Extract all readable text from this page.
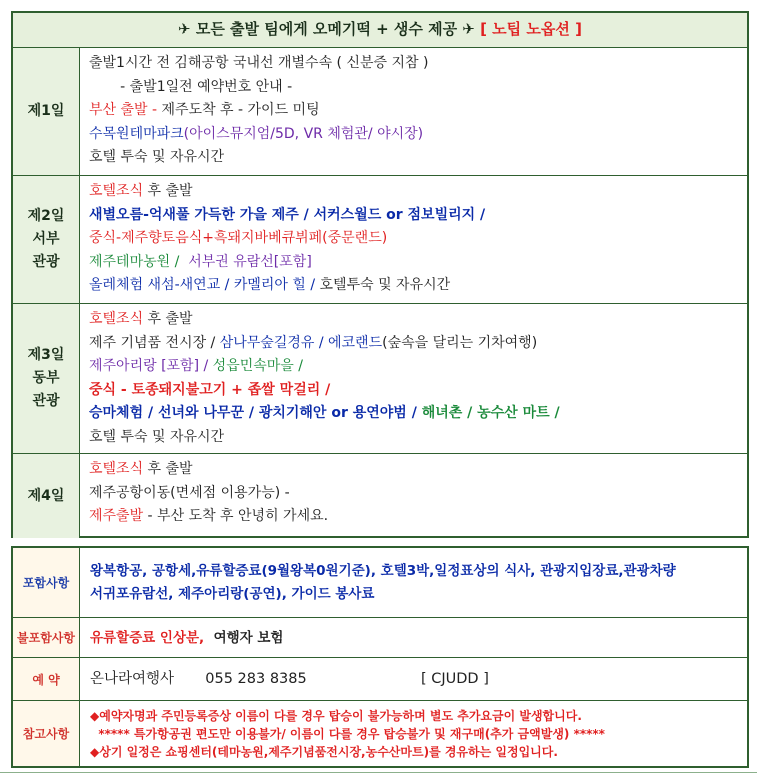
✈ 모든 출발 팀에게 오메기떡 + 생수 제공 ✈ [ 노팁 노옵션 ]
제1일
출발1시간 전 김해공항 국내선 개별수속 ( 신분증 지참 )
- 출발1일전 예약번호 안내 -
부산 출발 - 제주도착 후 - 가이드 미팅
수목원테마파크(아이스뮤지엄/5D, VR 체험관/ 야시장)
호텔 투숙 및 자유시간
제2일
서부
관광
호텔조식 후 출발
새별오름-억새풀 가득한 가을 제주 / 서커스월드 or 점보빌리지 /
중식-제주향토음식+흑돼지바베큐뷔페(중문랜드)
제주테마농원 /  서부권 유람선[포함]
올레체험 새섬-새연교 / 카멜리아 힐 / 호텔투숙 및 자유시간
제3일
동부
관광
호텔조식 후 출발
제주 기념품 전시장 / 삼나무숲길경유 / 에코랜드(숲속을 달리는 기차여행)
제주아리랑 [포함] / 성읍민속마을 /
중식 - 토종돼지불고기 + 좁쌀 막걸리 /
승마체험 / 선녀와 나무꾼 / 광치기해안 or 용연야범 / 해녀촌 / 농수산 마트 /
호텔 투숙 및 자유시간
제4일
호텔조식 후 출발
제주공항이동(면세점 이용가능) -
제주출발 - 부산 도착 후 안녕히 가세요.
포함사항
왕복항공, 공항세,유류할증료(9월왕복0원기준), 호텔3박,일정표상의 식사, 관광지입장료,관광차량
서귀포유람선, 제주아리랑(공연), 가이드 봉사료
불포함사항	유류할증료 인상분,  여행자 보험
예 약	온나라여행사 055 283 8385	[ CJUDD ]
참고사항
◆예약자명과 주민등록증상 이름이 다를 경우 탑승이 불가능하며 별도 추가요금이 발생합니다.
***** 특가항공권 편도만 이용불가/ 이름이 다를 경우 탑승불가 및 재구매(추가 금액발생) *****
◆상기 일정은 쇼핑센터(테마농원,제주기념품전시장,농수산마트)를 경유하는 일정입니다.
